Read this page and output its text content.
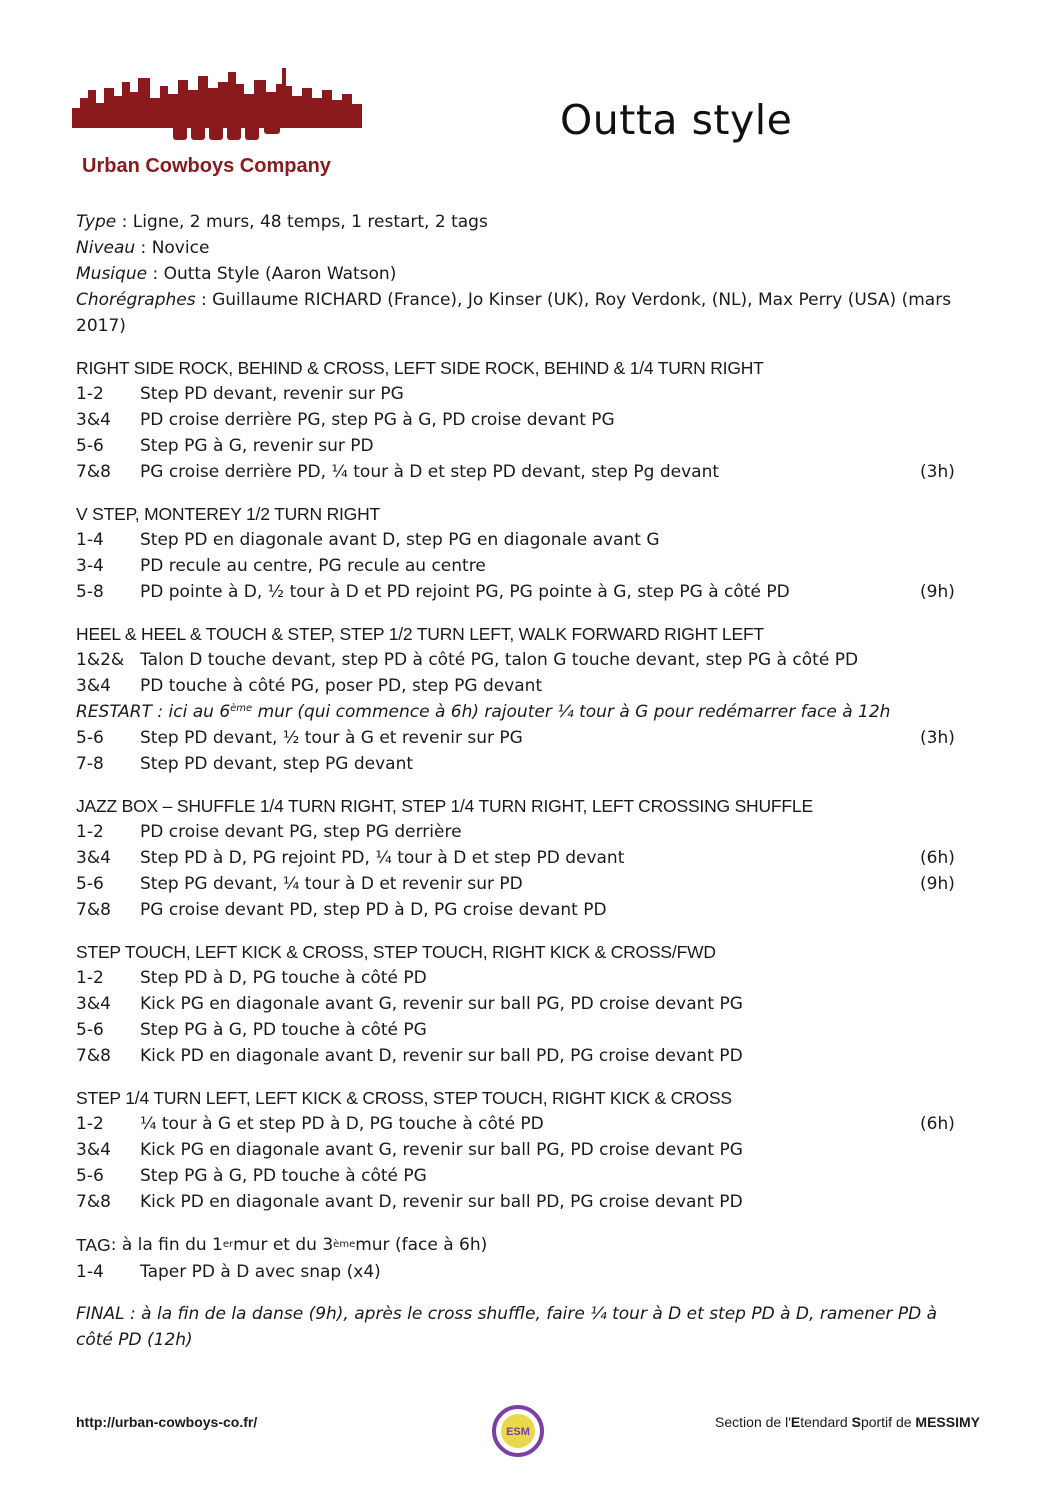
Urban Cowboys Company
Outta style

Type : Ligne, 2 murs, 48 temps, 1 restart, 2 tags

Niveau : Novice

Musique : Outta Style (Aaron Watson)

Chorégraphes : Guillaume RICHARD (France), Jo Kinser (UK), Roy Verdonk, (NL), Max Perry (USA) (mars 2017)

RIGHT SIDE ROCK, BEHIND & CROSS, LEFT SIDE ROCK, BEHIND & 1/4 TURN RIGHT
1-2	Step PD devant, revenir sur PG
3&4	PD croise derrière PG, step PG à G, PD croise devant PG
5-6	Step PG à G, revenir sur PD
7&8	PG croise derrière PD, ¼ tour à D et step PD devant, step Pg devant	(3h)
V STEP, MONTEREY 1/2 TURN RIGHT
1-4	Step PD en diagonale avant D, step PG en diagonale avant G
3-4	PD recule au centre, PG recule au centre
5-8	PD pointe à D, ½ tour à D et PD rejoint PG, PG pointe à G, step PG à côté PD	(9h)
HEEL & HEEL & TOUCH & STEP, STEP 1/2 TURN LEFT, WALK FORWARD RIGHT LEFT
1&2& Talon D touche devant, step PD à côté PG, talon G touche devant, step PG à côté PD
3&4	PD touche à côté PG, poser PD, step PG devant
RESTART : ici au 6ème mur (qui commence à 6h) rajouter ¼ tour à G pour redémarrer face à 12h
5-6	Step PD devant, ½ tour à G et revenir sur PG	(3h)
7-8	Step PD devant, step PG devant
JAZZ BOX – SHUFFLE 1/4 TURN RIGHT, STEP 1/4 TURN RIGHT, LEFT CROSSING SHUFFLE
1-2	PD croise devant PG, step PG derrière
3&4	Step PD à D, PG rejoint PD, ¼ tour à D et step PD devant	(6h)
5-6	Step PG devant, ¼ tour à D et revenir sur PD	(9h)
7&8	PG croise devant PD, step PD à D, PG croise devant PD
STEP TOUCH, LEFT KICK & CROSS, STEP TOUCH, RIGHT KICK & CROSS/FWD
1-2	Step PD à D, PG touche à côté PD
3&4	Kick PG en diagonale avant G, revenir sur ball PG, PD croise devant PG
5-6	Step PG à G, PD touche à côté PG
7&8	Kick PD en diagonale avant D, revenir sur ball PD, PG croise devant PD
STEP 1/4 TURN LEFT, LEFT KICK & CROSS, STEP TOUCH, RIGHT KICK & CROSS
1-2	¼ tour à G et step PD à D, PG touche à côté PD	(6h)
3&4	Kick PG en diagonale avant G, revenir sur ball PG, PD croise devant PG
5-6	Step PG à G, PD touche à côté PG
7&8	Kick PD en diagonale avant D, revenir sur ball PD, PG croise devant PD
TAG : à la fin du 1 er mur et du 3 ème mur (face à 6h)
1-4	Taper PD à D avec snap (x4)
FINAL : à la fin de la danse (9h), après le cross shuffle, faire ¼ tour à D et step PD à D, ramener PD à côté PD (12h)
http://urban-cowboys-co.fr/
ESM
Section de l'Etendard Sportif de MESSIMY
